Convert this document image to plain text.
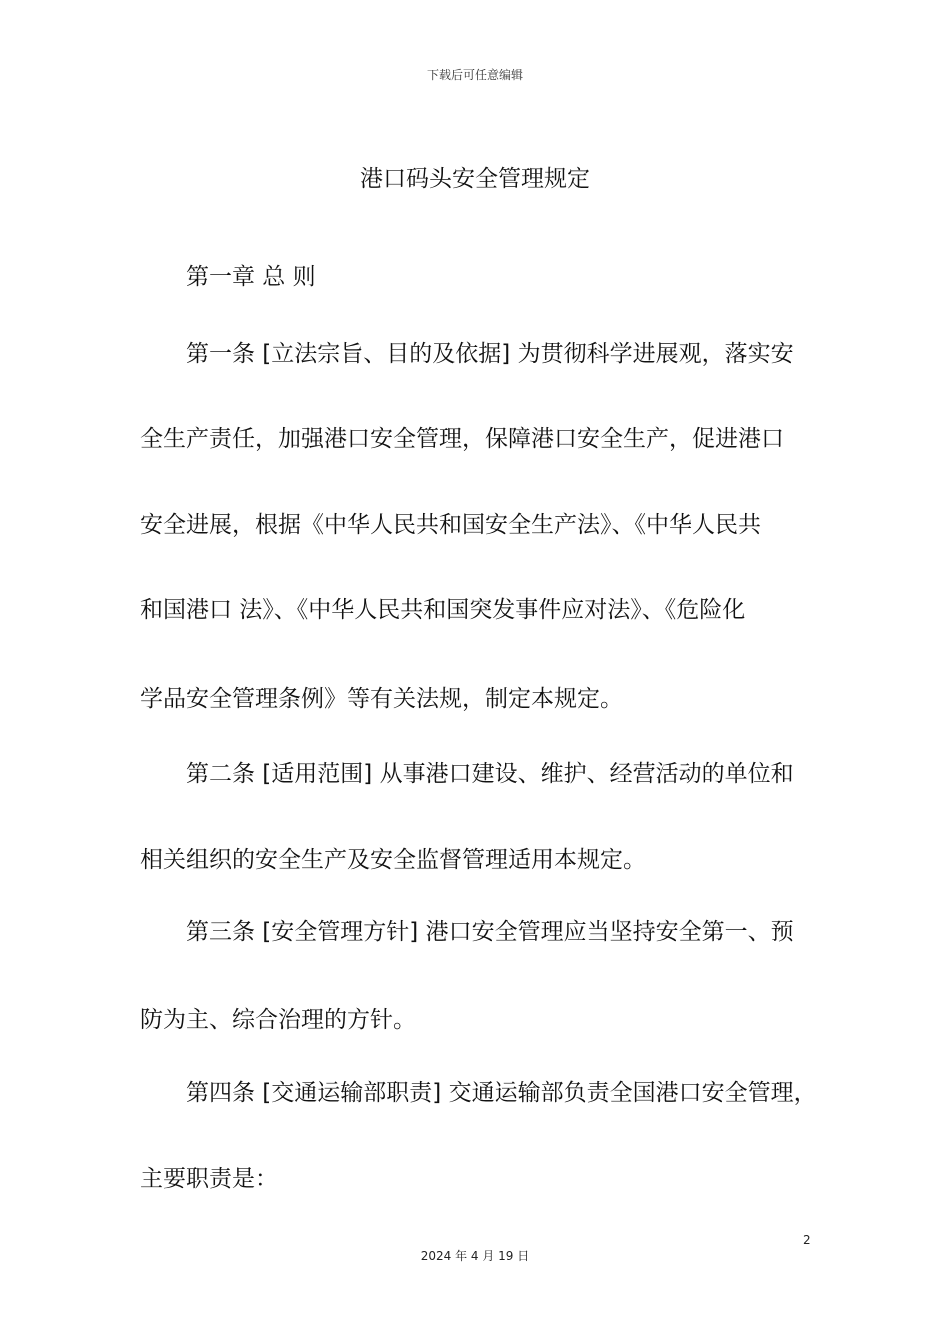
下载后可任意编辑
港口码头安全管理规定
第一章 总 则
第一条 [立法宗旨、目的及依据] 为贯彻科学进展观，落实安
全生产责任，加强港口安全管理，保障港口安全生产，促进港口
安全进展，根据《中华人民共和国安全生产法》、《中华人民共
和国港口 法》、《中华人民共和国突发事件应对法》、《危险化
学品安全管理条例》等有关法规，制定本规定。
第二条 [适用范围] 从事港口建设、维护、经营活动的单位和
相关组织的安全生产及安全监督管理适用本规定。
第三条 [安全管理方针] 港口安全管理应当坚持安全第一、预
防为主、综合治理的方针。
第四条 [交通运输部职责] 交通运输部负责全国港口安全管理，
主要职责是：
2
2024 年 4 月 19 日
